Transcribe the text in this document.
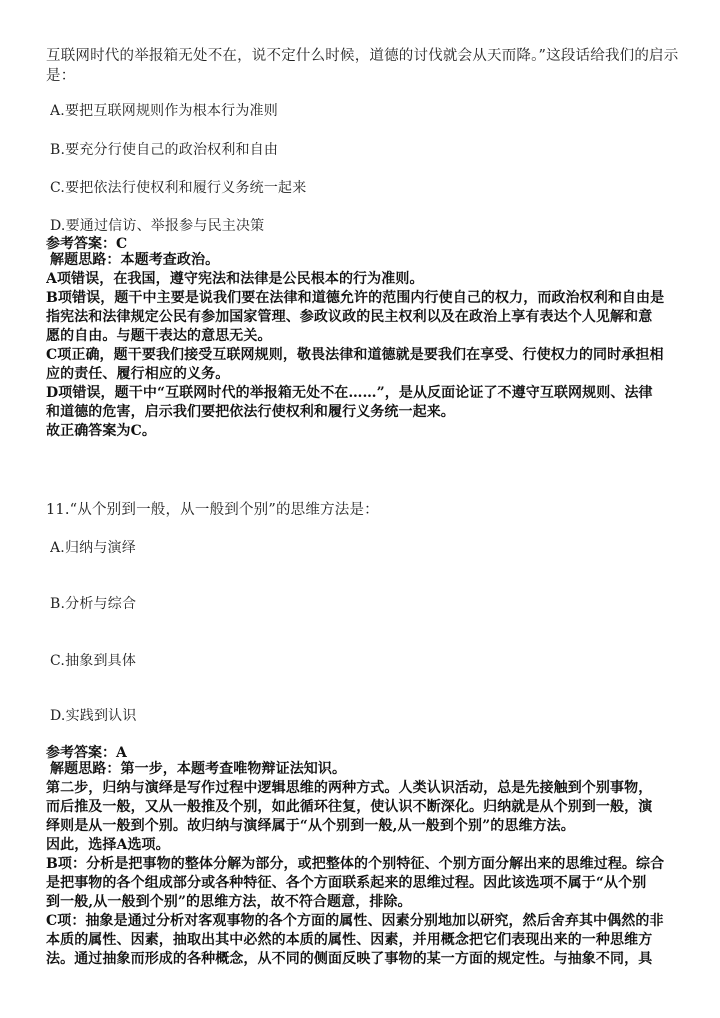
互联网时代的举报箱无处不在，说不定什么时候，道德的讨伐就会从天而降。”这段话给我们的启示
是：
A.要把互联网规则作为根本行为准则
B.要充分行使自己的政治权利和自由
C.要把依法行使权利和履行义务统一起来
D.要通过信访、举报参与民主决策
参考答案：C
解题思路：本题考查政治。
A项错误，在我国，遵守宪法和法律是公民根本的行为准则。
B项错误，题干中主要是说我们要在法律和道德允许的范围内行使自己的权力，而政治权利和自由是
指宪法和法律规定公民有参加国家管理、参政议政的民主权利以及在政治上享有表达个人见解和意
愿的自由。与题干表达的意思无关。
C项正确，题干要我们接受互联网规则，敬畏法律和道德就是要我们在享受、行使权力的同时承担相
应的责任、履行相应的义务。
D项错误，题干中“互联网时代的举报箱无处不在……”，是从反面论证了不遵守互联网规则、法律
和道德的危害，启示我们要把依法行使权利和履行义务统一起来。
故正确答案为C。
11.“从个别到一般，从一般到个别”的思维方法是：
A.归纳与演绎
B.分析与综合
C.抽象到具体
D.实践到认识
参考答案：A
解题思路：第一步，本题考查唯物辩证法知识。
第二步，归纳与演绎是写作过程中逻辑思维的两种方式。人类认识活动，总是先接触到个别事物，
而后推及一般，又从一般推及个别，如此循环往复，使认识不断深化。归纳就是从个别到一般，演
绎则是从一般到个别。故归纳与演绎属于“从个别到一般,从一般到个别”的思维方法。
因此，选择A选项。
B项：分析是把事物的整体分解为部分，或把整体的个别特征、个别方面分解出来的思维过程。综合
是把事物的各个组成部分或各种特征、各个方面联系起来的思维过程。因此该选项不属于“从个别
到一般,从一般到个别”的思维方法，故不符合题意，排除。
C项：抽象是通过分析对客观事物的各个方面的属性、因素分别地加以研究，然后舍弃其中偶然的非
本质的属性、因素，抽取出其中必然的本质的属性、因素，并用概念把它们表现出来的一种思维方
法。通过抽象而形成的各种概念，从不同的侧面反映了事物的某一方面的规定性。与抽象不同，具
